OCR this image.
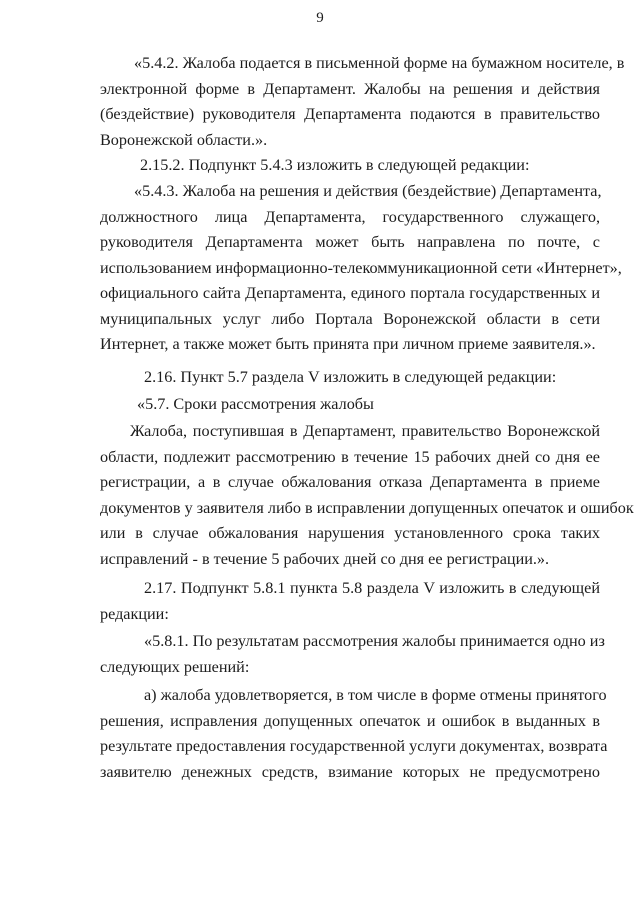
9
«5.4.2. Жалоба подается в письменной форме на бумажном носителе, в
электронной форме в Департамент. Жалобы на решения и действия
(бездействие) руководителя Департамента подаются в правительство
Воронежской области.».
2.15.2. Подпункт 5.4.3 изложить в следующей редакции:
«5.4.3. Жалоба на решения и действия (бездействие) Департамента,
должностного лица Департамента, государственного служащего,
руководителя Департамента может быть направлена по почте, с
использованием информационно-телекоммуникационной сети «Интернет»,
официального сайта Департамента, единого портала государственных и
муниципальных услуг либо Портала Воронежской области в сети
Интернет, а также может быть принята при личном приеме заявителя.».
2.16. Пункт 5.7 раздела V изложить в следующей редакции:
«5.7. Сроки рассмотрения жалобы
Жалоба, поступившая в Департамент, правительство Воронежской
области, подлежит рассмотрению в течение 15 рабочих дней со дня ее
регистрации, а в случае обжалования отказа Департамента в приеме
документов у заявителя либо в исправлении допущенных опечаток и ошибок
или в случае обжалования нарушения установленного срока таких
исправлений - в течение 5 рабочих дней со дня ее регистрации.».
2.17. Подпункт 5.8.1 пункта 5.8 раздела V изложить в следующей
редакции:
«5.8.1. По результатам рассмотрения жалобы принимается одно из
следующих решений:
а) жалоба удовлетворяется, в том числе в форме отмены принятого
решения, исправления допущенных опечаток и ошибок в выданных в
результате предоставления государственной услуги документах, возврата
заявителю денежных средств, взимание которых не предусмотрено
